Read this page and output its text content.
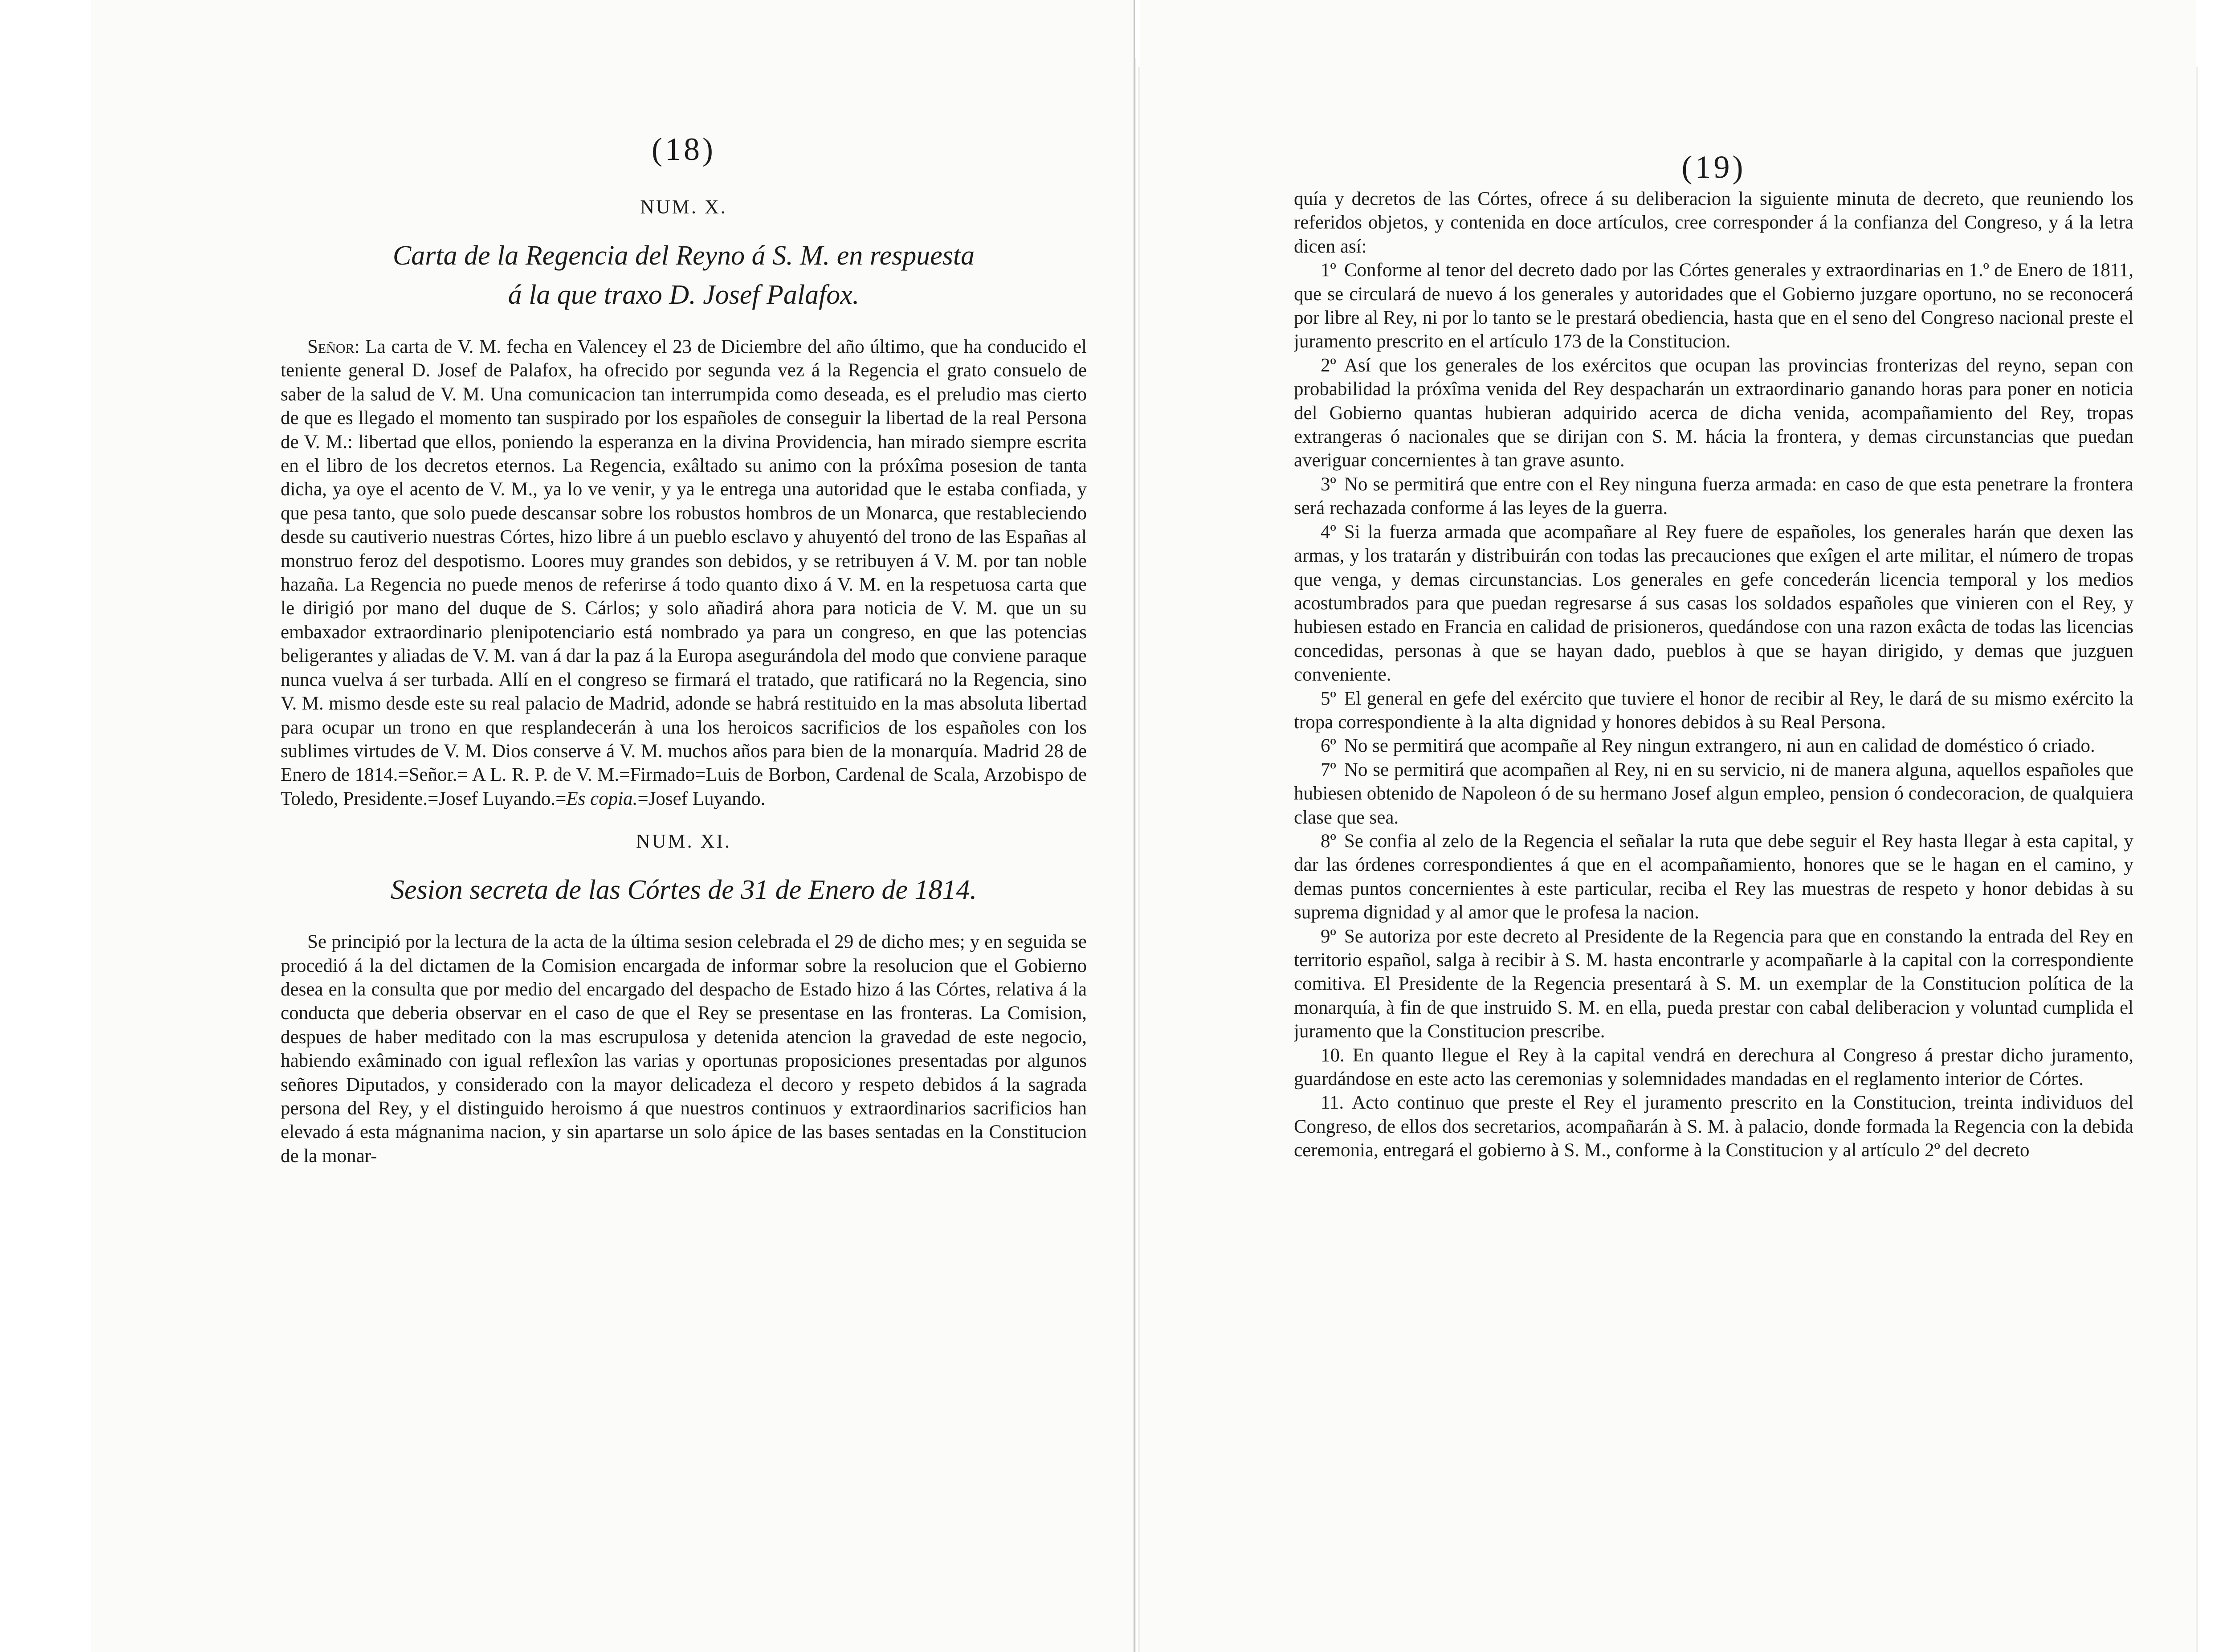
(18)
NUM. X.
Carta de la Regencia del Reyno á S. M. en respuesta
á la que traxo D. Josef Palafox.

Señor: La carta de V. M. fecha en Valencey el 23 de Diciembre del año último, que ha conducido el teniente general D. Josef de Palafox, ha ofrecido por segunda vez á la Regencia el grato consuelo de saber de la salud de V. M. Una comunicacion tan interrumpida como deseada, es el preludio mas cierto de que es llegado el momento tan suspirado por los españoles de conseguir la libertad de la real Persona de V. M.: libertad que ellos, poniendo la esperanza en la divina Providencia, han mirado siempre escrita en el libro de los decretos eternos. La Regencia, exâltado su animo con la próxîma posesion de tanta dicha, ya oye el acento de V. M., ya lo ve venir, y ya le entrega una autoridad que le estaba confiada, y que pesa tanto, que solo puede descansar sobre los robustos hombros de un Monarca, que restableciendo desde su cautiverio nuestras Córtes, hizo libre á un pueblo esclavo y ahuyentó del trono de las Españas al monstruo feroz del despotismo. Loores muy grandes son debidos, y se retribuyen á V. M. por tan noble hazaña. La Regencia no puede menos de referirse á todo quanto dixo á V. M. en la respetuosa carta que le dirigió por mano del duque de S. Cárlos; y solo añadirá ahora para noticia de V. M. que un su embaxador extraordinario plenipotenciario está nombrado ya para un congreso, en que las potencias beligerantes y aliadas de V. M. van á dar la paz á la Europa asegurándola del modo que conviene paraque nunca vuelva á ser turbada. Allí en el congreso se firmará el tratado, que ratificará no la Regencia, sino V. M. mismo desde este su real palacio de Madrid, adonde se habrá restituido en la mas absoluta libertad para ocupar un trono en que resplandecerán à una los heroicos sacrificios de los españoles con los sublimes virtudes de V. M. Dios conserve á V. M. muchos años para bien de la monarquía. Madrid 28 de Enero de 1814.=Señor.= A L. R. P. de V. M.=Firmado=Luis de Borbon, Cardenal de Scala, Arzobispo de Toledo, Presidente.=Josef Luyando.=Es copia.=Josef Luyando.

NUM. XI.
Sesion secreta de las Córtes de 31 de Enero de 1814.

Se principió por la lectura de la acta de la última sesion celebrada el 29 de dicho mes; y en seguida se procedió á la del dictamen de la Comision encargada de informar sobre la resolucion que el Gobierno desea en la consulta que por medio del encargado del despacho de Estado hizo á las Córtes, relativa á la conducta que deberia observar en el caso de que el Rey se presentase en las fronteras. La Comision, despues de haber meditado con la mas escrupulosa y detenida atencion la gravedad de este negocio, habiendo exâminado con igual reflexîon las varias y oportunas proposiciones presentadas por algunos señores Diputados, y considerado con la mayor delicadeza el decoro y respeto debidos á la sagrada persona del Rey, y el distinguido heroismo á que nuestros continuos y extraordinarios sacrificios han elevado á esta mágnanima nacion, y sin apartarse un solo ápice de las bases sentadas en la Constitucion de la monar-

(19)

quía y decretos de las Córtes, ofrece á su deliberacion la siguiente minuta de decreto, que reuniendo los referidos objetos, y contenida en doce artículos, cree corresponder á la confianza del Congreso, y á la letra dicen así:

1º Conforme al tenor del decreto dado por las Córtes generales y extraordinarias en 1.º de Enero de 1811, que se circulará de nuevo á los generales y autoridades que el Gobierno juzgare oportuno, no se reconocerá por libre al Rey, ni por lo tanto se le prestará obediencia, hasta que en el seno del Congreso nacional preste el juramento prescrito en el artículo 173 de la Constitucion.

2º Así que los generales de los exércitos que ocupan las provincias fronterizas del reyno, sepan con probabilidad la próxîma venida del Rey despacharán un extraordinario ganando horas para poner en noticia del Gobierno quantas hubieran adquirido acerca de dicha venida, acompañamiento del Rey, tropas extrangeras ó nacionales que se dirijan con S. M. hácia la frontera, y demas circunstancias que puedan averiguar concernientes à tan grave asunto.

3º No se permitirá que entre con el Rey ninguna fuerza armada: en caso de que esta penetrare la frontera será rechazada conforme á las leyes de la guerra.

4º Si la fuerza armada que acompañare al Rey fuere de españoles, los generales harán que dexen las armas, y los tratarán y distribuirán con todas las precauciones que exîgen el arte militar, el número de tropas que venga, y demas circunstancias. Los generales en gefe concederán licencia temporal y los medios acostumbrados para que puedan regresarse á sus casas los soldados españoles que vinieren con el Rey, y hubiesen estado en Francia en calidad de prisioneros, quedándose con una razon exâcta de todas las licencias concedidas, personas à que se hayan dado, pueblos à que se hayan dirigido, y demas que juzguen conveniente.

5º El general en gefe del exército que tuviere el honor de recibir al Rey, le dará de su mismo exército la tropa correspondiente à la alta dignidad y honores debidos à su Real Persona.

6º No se permitirá que acompañe al Rey ningun extrangero, ni aun en calidad de doméstico ó criado.

7º No se permitirá que acompañen al Rey, ni en su servicio, ni de manera alguna, aquellos españoles que hubiesen obtenido de Napoleon ó de su hermano Josef algun empleo, pension ó condecoracion, de qualquiera clase que sea.

8º Se confia al zelo de la Regencia el señalar la ruta que debe seguir el Rey hasta llegar à esta capital, y dar las órdenes correspondientes á que en el acompañamiento, honores que se le hagan en el camino, y demas puntos concernientes à este particular, reciba el Rey las muestras de respeto y honor debidas à su suprema dignidad y al amor que le profesa la nacion.

9º Se autoriza por este decreto al Presidente de la Regencia para que en constando la entrada del Rey en territorio español, salga à recibir à S. M. hasta encontrarle y acompañarle à la capital con la correspondiente comitiva. El Presidente de la Regencia presentará à S. M. un exemplar de la Constitucion política de la monarquía, à fin de que instruido S. M. en ella, pueda prestar con cabal deliberacion y voluntad cumplida el juramento que la Constitucion prescribe.

10. En quanto llegue el Rey à la capital vendrá en derechura al Congreso á prestar dicho juramento, guardándose en este acto las ceremonias y solemnidades mandadas en el reglamento interior de Córtes.

11. Acto continuo que preste el Rey el juramento prescrito en la Constitucion, treinta individuos del Congreso, de ellos dos secretarios, acompañarán à S. M. à palacio, donde formada la Regencia con la debida ceremonia, entregará el gobierno à S. M., conforme à la Constitucion y al artículo 2º del decreto
